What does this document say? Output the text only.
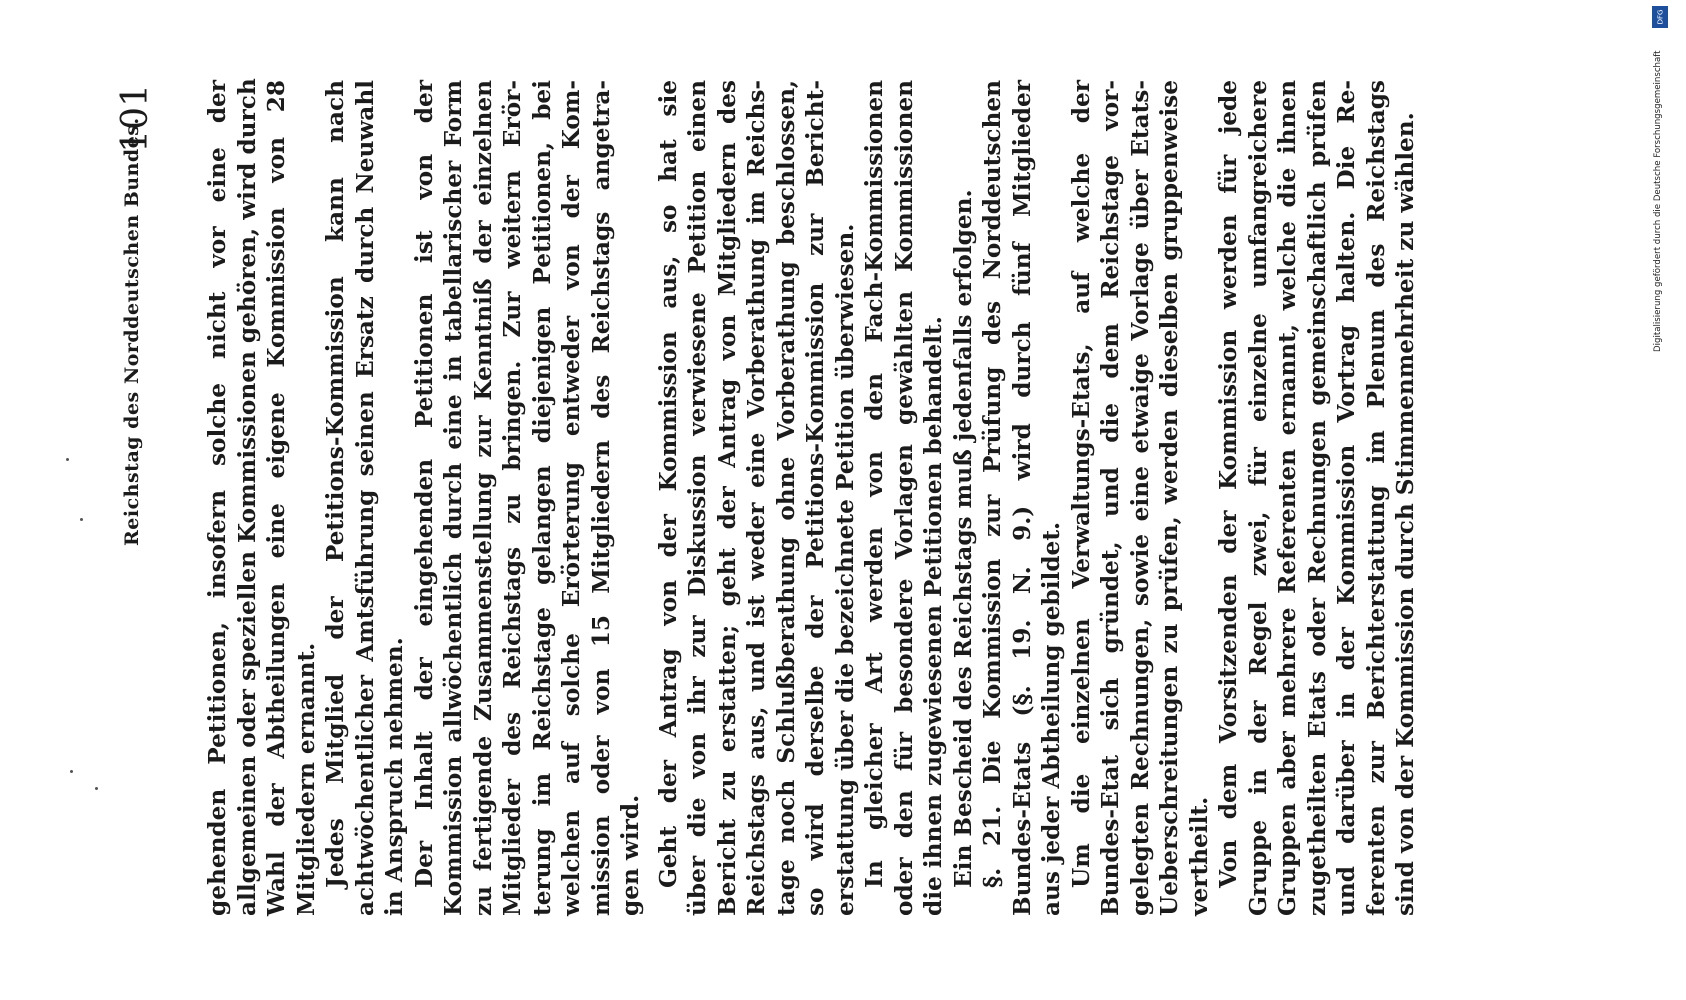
Reichstag des Norddeutschen Bundes.
101 gehenden Petitionen, insofern solche nicht vor eine der allgemeinen oder speziellen Kommissionen gehören, wird durch Wahl der Abtheilungen eine eigene Kommission von 28 Mitgliedern ernannt. Jedes Mitglied der Petitions-Kommission kann nach achtwöchentlicher Amtsführung seinen Ersatz durch Neuwahl in Anspruch nehmen. Der Inhalt der eingehenden Petitionen ist von der Kommission allwöchentlich durch eine in tabellarischer Form zu fertigende Zusammenstellung zur Kenntniß der einzelnen Mitglieder des Reichstags zu bringen. Zur weitern Erör- terung im Reichstage gelangen diejenigen Petitionen, bei welchen auf solche Erörterung entweder von der Kom- mission oder von 15 Mitgliedern des Reichstags angetra- gen wird. Geht der Antrag von der Kommission aus, so hat sie über die von ihr zur Diskussion verwiesene Petition einen Bericht zu erstatten; geht der Antrag von Mitgliedern des Reichstags aus, und ist weder eine Vorberathung im Reichs- tage noch Schlußberathung ohne Vorberathung beschlossen, so wird derselbe der Petitions-Kommission zur Bericht- erstattung über die bezeichnete Petition überwiesen. In gleicher Art werden von den Fach-Kommissionen oder den für besondere Vorlagen gewählten Kommissionen die ihnen zugewiesenen Petitionen behandelt. Ein Bescheid des Reichstags muß jedenfalls erfolgen. §. 21. Die Kommission zur Prüfung des Norddeutschen Bundes-Etats (§. 19. N. 9.) wird durch fünf Mitglieder aus jeder Abtheilung gebildet. Um die einzelnen Verwaltungs-Etats, auf welche der Bundes-Etat sich gründet, und die dem Reichstage vor- gelegten Rechnungen, sowie eine etwaige Vorlage über Etats- Ueberschreitungen zu prüfen, werden dieselben gruppenweise vertheilt. Von dem Vorsitzenden der Kommission werden für jede Gruppe in der Regel zwei, für einzelne umfangreichere Gruppen aber mehrere Referenten ernannt, welche die ihnen zugetheilten Etats oder Rechnungen gemeinschaftlich prüfen und darüber in der Kommission Vortrag halten. Die Re- ferenten zur Berichterstattung im Plenum des Reichstags sind von der Kommission durch Stimmenmehrheit zu wählen.	Digitalisierung gefördert durch die Deutsche Forschungsgemeinschaft
DFG
